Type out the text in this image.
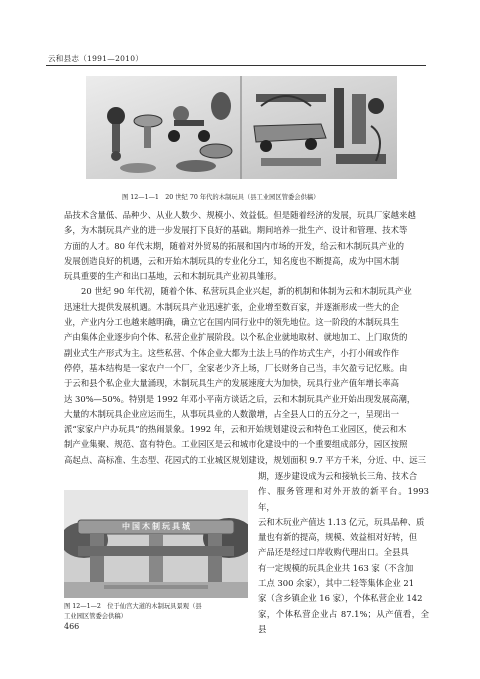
云和县志（1991—2010）
图 12—1—1　20 世纪 70 年代的木制玩具（县工业园区管委会供稿）

品技术含量低、品种少、从业人数少、规模小、效益低。但是随着经济的发展，玩具厂家越来越

多，为木制玩具产业的进一步发展打下良好的基础。期间培养一批生产、设计和管理、技术等

方面的人才。80 年代末期，随着对外贸易的拓展和国内市场的开发，给云和木制玩具产业的

发展创造良好的机遇，云和开始木制玩具的专业化分工，知名度也不断提高，成为中国木制

玩具重要的生产和出口基地，云和木制玩具产业初具雏形。

20 世纪 90 年代初，随着个体、私营玩具企业兴起，新的机制和体制为云和木制玩具产业

迅速壮大提供发展机遇。木制玩具产业迅速扩张，企业增至数百家，并逐渐形成一些大的企

业，产业内分工也越来越明确，确立它在国内同行业中的领先地位。这一阶段的木制玩具生

产由集体企业逐步向个体、私营企业扩展阶段。以个私企业就地取材、就地加工、上门取货的

副业式生产形式为主。这些私营、个体企业大都为土法上马的作坊式生产，小打小闹或作作

停停，基本结构是一家农户一个厂，全家老少齐上场，厂长财务自己当，丰欠盈亏记忆账。由

于云和县个私企业大量涌现，木制玩具生产的发展速度大为加快，玩具行业产值年增长率高

达 30%—50%。特别是 1992 年邓小平南方谈话之后，云和木制玩具产业开始出现发展高潮，

大量的木制玩具企业应运而生，从事玩具业的人数激增，占全县人口的五分之一，呈现出一

派“家家户户办玩具”的热闹景象。1992 年，云和开始规划建设云和特色工业园区，使云和木

制产业集聚、规范、富有特色。工业园区是云和城市化建设中的一个重要组成部分，园区按照

高起点、高标准、生态型、花园式的工业城区规划建设，规划面积 9.7 平方千米，分近、中、远三

中国木制玩具城
图 12—1—2　位于仙宫大道的木制玩具景观（县
工业园区管委会供稿）

期，逐步建设成为云和接轨长三角、技术合

作、服务管理和对外开放的新平台。1993年，

云和木玩业产值达 1.13 亿元，玩具品种、质

量也有新的提高，规模、效益相对好转，但

产品还是经过口岸收购代理出口。全县具

有一定规模的玩具企业共 163 家（不含加

工点 300 余家），其中二轻等集体企业 21

家（含乡镇企业 16 家），个体私营企业 142

家，个体私营企业占 87.1%；从产值看，全县

466
